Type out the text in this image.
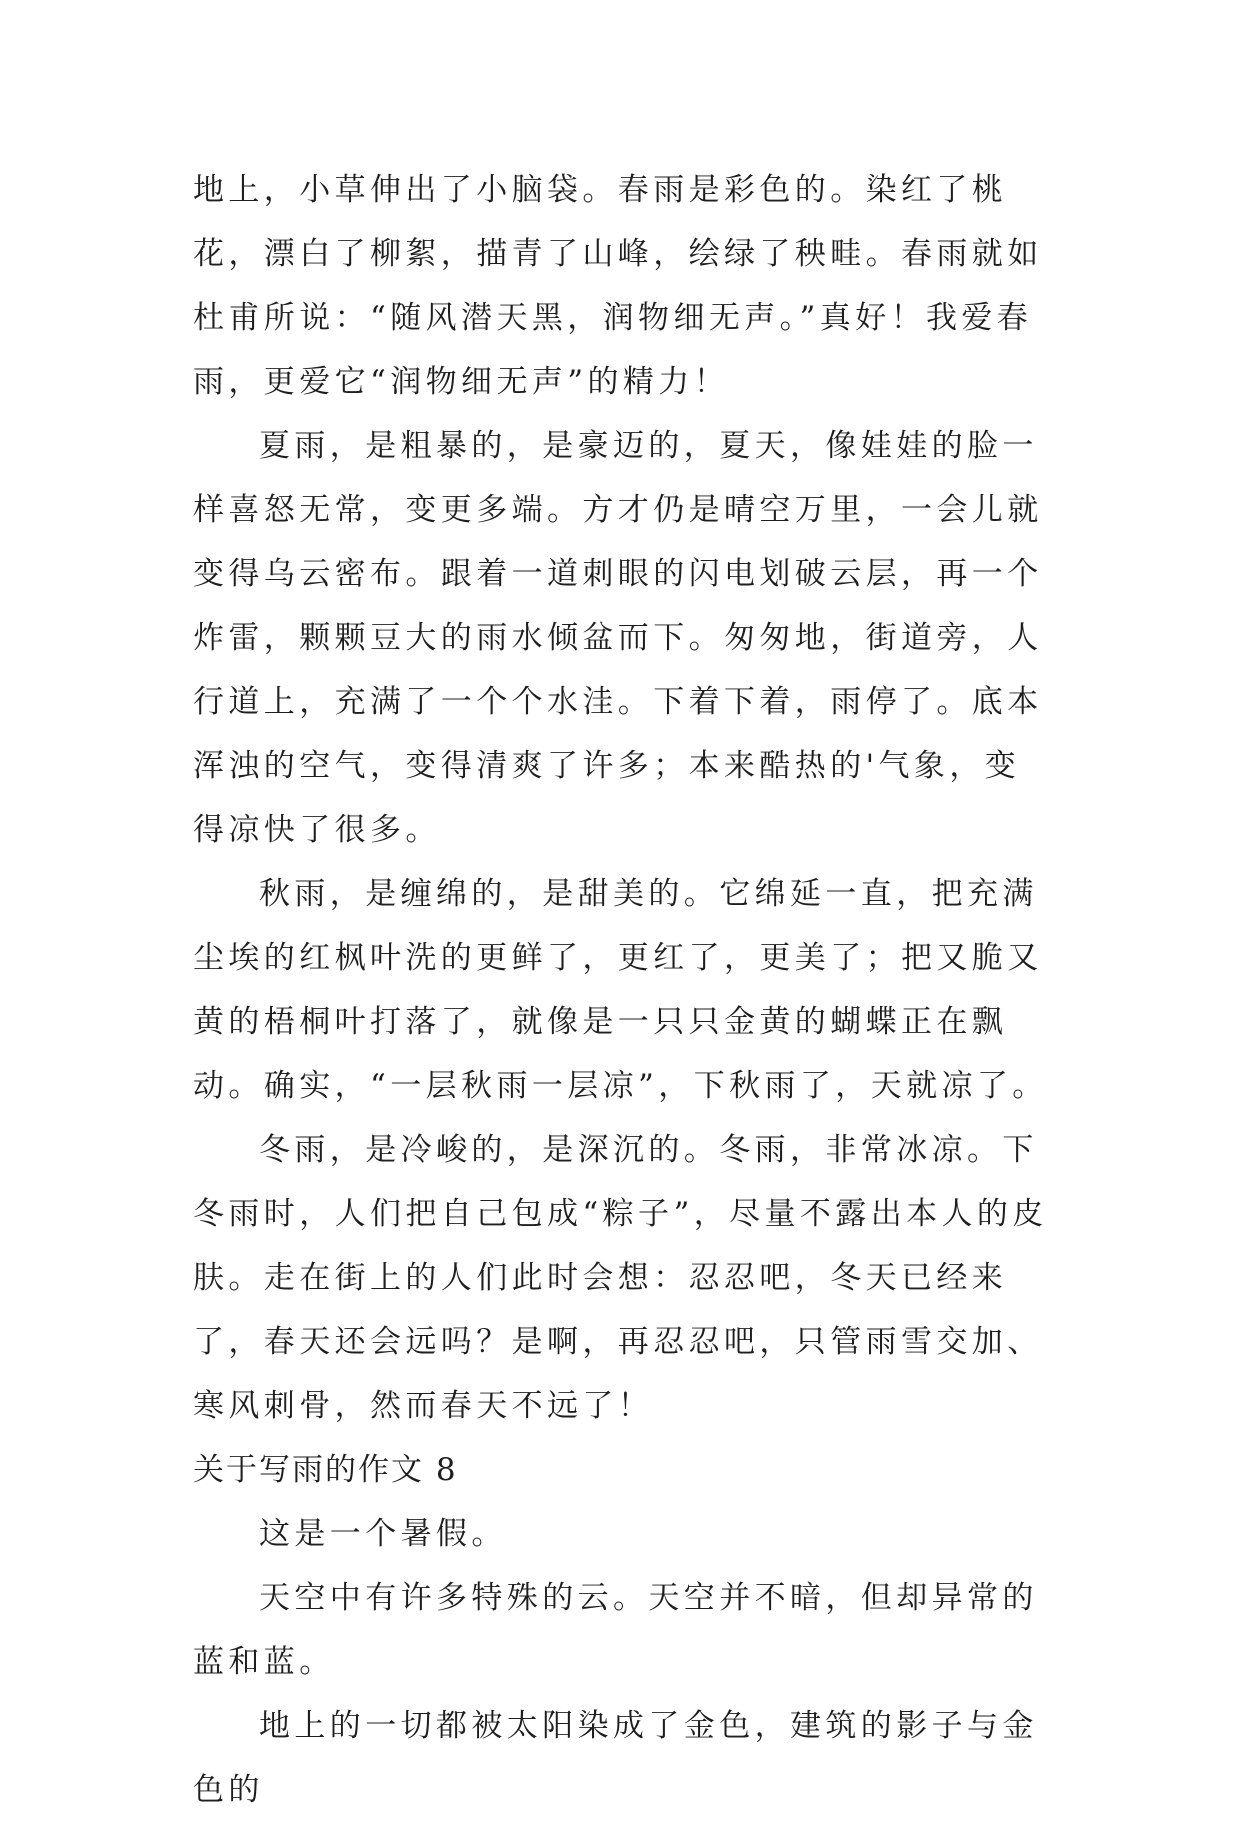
地上，小草伸出了小脑袋。春雨是彩色的。染红了桃花，漂白了柳絮，描青了山峰，绘绿了秧畦。春雨就如杜甫所说：“随风潜天黑，润物细无声。”真好！我爱春雨，更爱它“润物细无声”的精力！

夏雨，是粗暴的，是豪迈的，夏天，像娃娃的脸一样喜怒无常，变更多端。方才仍是晴空万里，一会儿就变得乌云密布。跟着一道刺眼的闪电划破云层，再一个炸雷，颗颗豆大的雨水倾盆而下。匆匆地，街道旁，人行道上，充满了一个个水洼。下着下着，雨停了。底本浑浊的空气，变得清爽了许多；本来酷热的'气象，变得凉快了很多。

秋雨，是缠绵的，是甜美的。它绵延一直，把充满尘埃的红枫叶洗的更鲜了，更红了，更美了；把又脆又黄的梧桐叶打落了，就像是一只只金黄的蝴蝶正在飘动。确实，“一层秋雨一层凉”，下秋雨了，天就凉了。

冬雨，是冷峻的，是深沉的。冬雨，非常冰凉。下冬雨时，人们把自己包成“粽子”，尽量不露出本人的皮肤。走在街上的人们此时会想：忍忍吧，冬天已经来了，春天还会远吗？是啊，再忍忍吧，只管雨雪交加、寒风刺骨，然而春天不远了！

关于写雨的作文 8

这是一个暑假。

天空中有许多特殊的云。天空并不暗，但却异常的蓝和蓝。

地上的一切都被太阳染成了金色，建筑的影子与金色的
